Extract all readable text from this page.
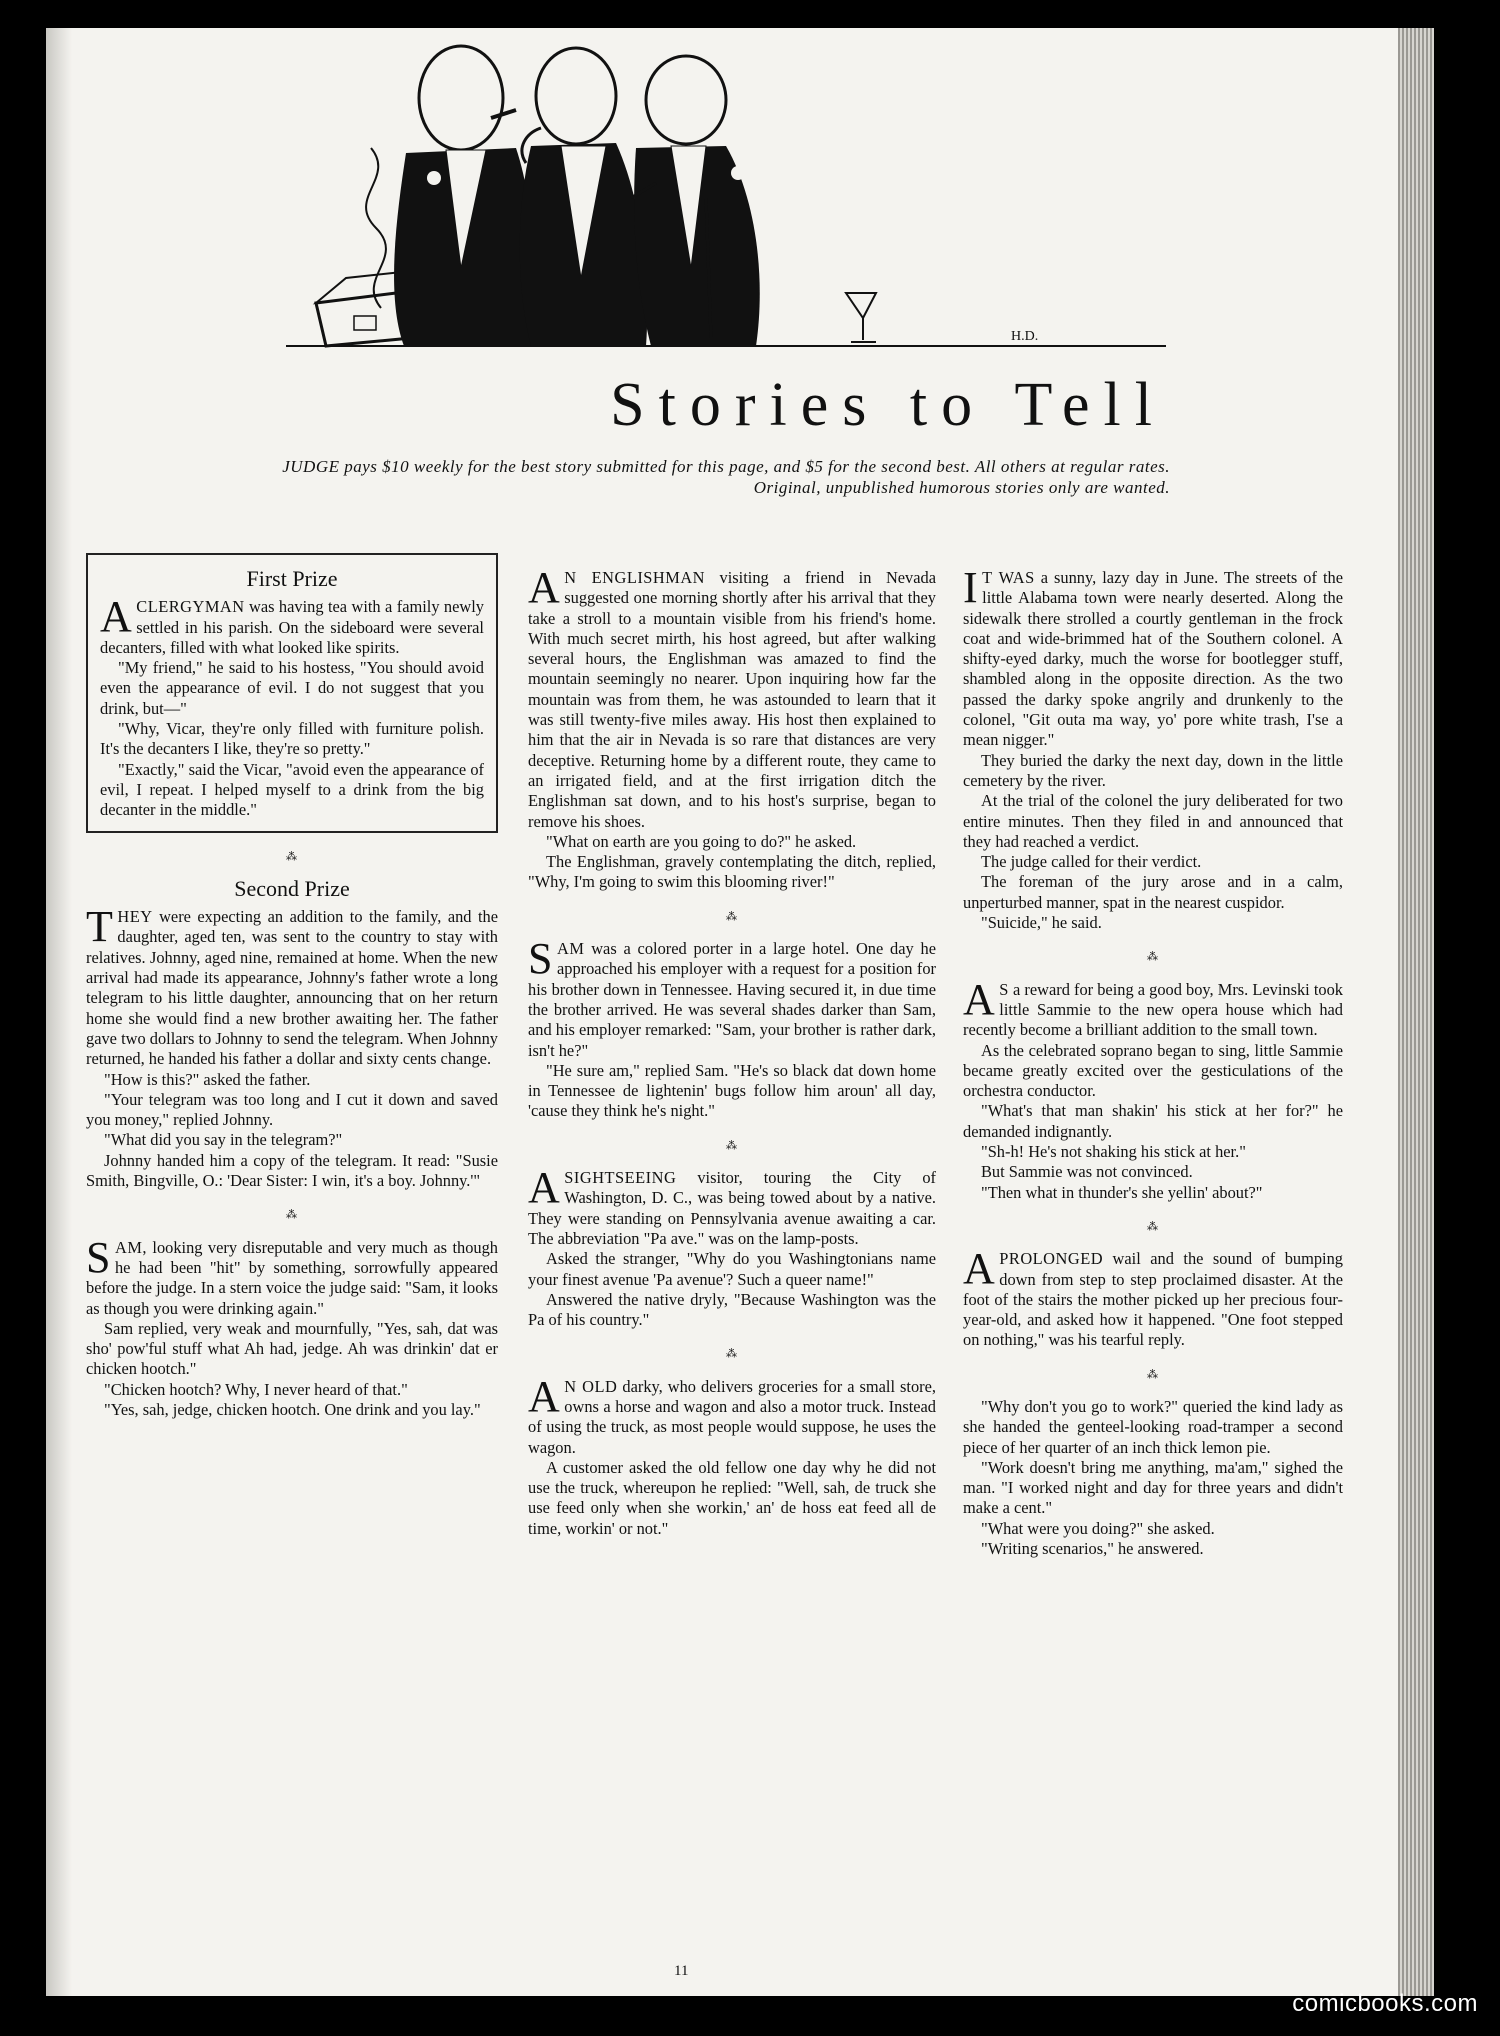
H.D.
Stories to Tell
JUDGE pays $10 weekly for the best story submitted for this page, and $5 for the second best. All others at regular rates. Original, unpublished humorous stories only are wanted.
First Prize

ACLERGYMAN was having tea with a family newly settled in his parish. On the sideboard were several decanters, filled with what looked like spirits.

"My friend," he said to his hostess, "You should avoid even the appearance of evil. I do not suggest that you drink, but—"

"Why, Vicar, they're only filled with furniture polish. It's the decanters I like, they're so pretty."

"Exactly," said the Vicar, "avoid even the appearance of evil, I repeat. I helped myself to a drink from the big decanter in the middle."

⁂
Second Prize

THEY were expecting an addition to the family, and the daughter, aged ten, was sent to the country to stay with relatives. Johnny, aged nine, remained at home. When the new arrival had made its appearance, Johnny's father wrote a long telegram to his little daughter, announcing that on her return home she would find a new brother awaiting her. The father gave two dollars to Johnny to send the telegram. When Johnny returned, he handed his father a dollar and sixty cents change.

"How is this?" asked the father.

"Your telegram was too long and I cut it down and saved you money," replied Johnny.

"What did you say in the telegram?"

Johnny handed him a copy of the telegram. It read: "Susie Smith, Bingville, O.: 'Dear Sister: I win, it's a boy. Johnny.'"

⁂

SAM, looking very disreputable and very much as though he had been "hit" by something, sorrowfully appeared before the judge. In a stern voice the judge said: "Sam, it looks as though you were drinking again."

Sam replied, very weak and mournfully, "Yes, sah, dat was sho' pow'ful stuff what Ah had, jedge. Ah was drinkin' dat er chicken hootch."

"Chicken hootch? Why, I never heard of that."

"Yes, sah, jedge, chicken hootch. One drink and you lay."

AN ENGLISHMAN visiting a friend in Nevada suggested one morning shortly after his arrival that they take a stroll to a mountain visible from his friend's home. With much secret mirth, his host agreed, but after walking several hours, the Englishman was amazed to find the mountain seemingly no nearer. Upon inquiring how far the mountain was from them, he was astounded to learn that it was still twenty-five miles away. His host then explained to him that the air in Nevada is so rare that distances are very deceptive. Returning home by a different route, they came to an irrigated field, and at the first irrigation ditch the Englishman sat down, and to his host's surprise, began to remove his shoes.

"What on earth are you going to do?" he asked.

The Englishman, gravely contemplating the ditch, replied, "Why, I'm going to swim this blooming river!"

⁂

SAM was a colored porter in a large hotel. One day he approached his employer with a request for a position for his brother down in Tennessee. Having secured it, in due time the brother arrived. He was several shades darker than Sam, and his employer remarked: "Sam, your brother is rather dark, isn't he?"

"He sure am," replied Sam. "He's so black dat down home in Tennessee de lightenin' bugs follow him aroun' all day, 'cause they think he's night."

⁂

ASIGHTSEEING visitor, touring the City of Washington, D. C., was being towed about by a native. They were standing on Pennsylvania avenue awaiting a car. The abbreviation "Pa ave." was on the lamp-posts.

Asked the stranger, "Why do you Washingtonians name your finest avenue 'Pa avenue'? Such a queer name!"

Answered the native dryly, "Because Washington was the Pa of his country."

⁂

AN OLD darky, who delivers groceries for a small store, owns a horse and wagon and also a motor truck. Instead of using the truck, as most people would suppose, he uses the wagon.

A customer asked the old fellow one day why he did not use the truck, whereupon he replied: "Well, sah, de truck she use feed only when she workin,' an' de hoss eat feed all de time, workin' or not."

IT WAS a sunny, lazy day in June. The streets of the little Alabama town were nearly deserted. Along the sidewalk there strolled a courtly gentleman in the frock coat and wide-brimmed hat of the Southern colonel. A shifty-eyed darky, much the worse for bootlegger stuff, shambled along in the opposite direction. As the two passed the darky spoke angrily and drunkenly to the colonel, "Git outa ma way, yo' pore white trash, I'se a mean nigger."

They buried the darky the next day, down in the little cemetery by the river.

At the trial of the colonel the jury deliberated for two entire minutes. Then they filed in and announced that they had reached a verdict.

The judge called for their verdict.

The foreman of the jury arose and in a calm, unperturbed manner, spat in the nearest cuspidor.

"Suicide," he said.

⁂

AS a reward for being a good boy, Mrs. Levinski took little Sammie to the new opera house which had recently become a brilliant addition to the small town.

As the celebrated soprano began to sing, little Sammie became greatly excited over the gesticulations of the orchestra conductor.

"What's that man shakin' his stick at her for?" he demanded indignantly.

"Sh-h! He's not shaking his stick at her."

But Sammie was not convinced.

"Then what in thunder's she yellin' about?"

⁂

APROLONGED wail and the sound of bumping down from step to step proclaimed disaster. At the foot of the stairs the mother picked up her precious four-year-old, and asked how it happened. "One foot stepped on nothing," was his tearful reply.

⁂

"Why don't you go to work?" queried the kind lady as she handed the genteel-looking road-tramper a second piece of her quarter of an inch thick lemon pie.

"Work doesn't bring me anything, ma'am," sighed the man. "I worked night and day for three years and didn't make a cent."

"What were you doing?" she asked.

"Writing scenarios," he answered.

11
comicbooks.com
